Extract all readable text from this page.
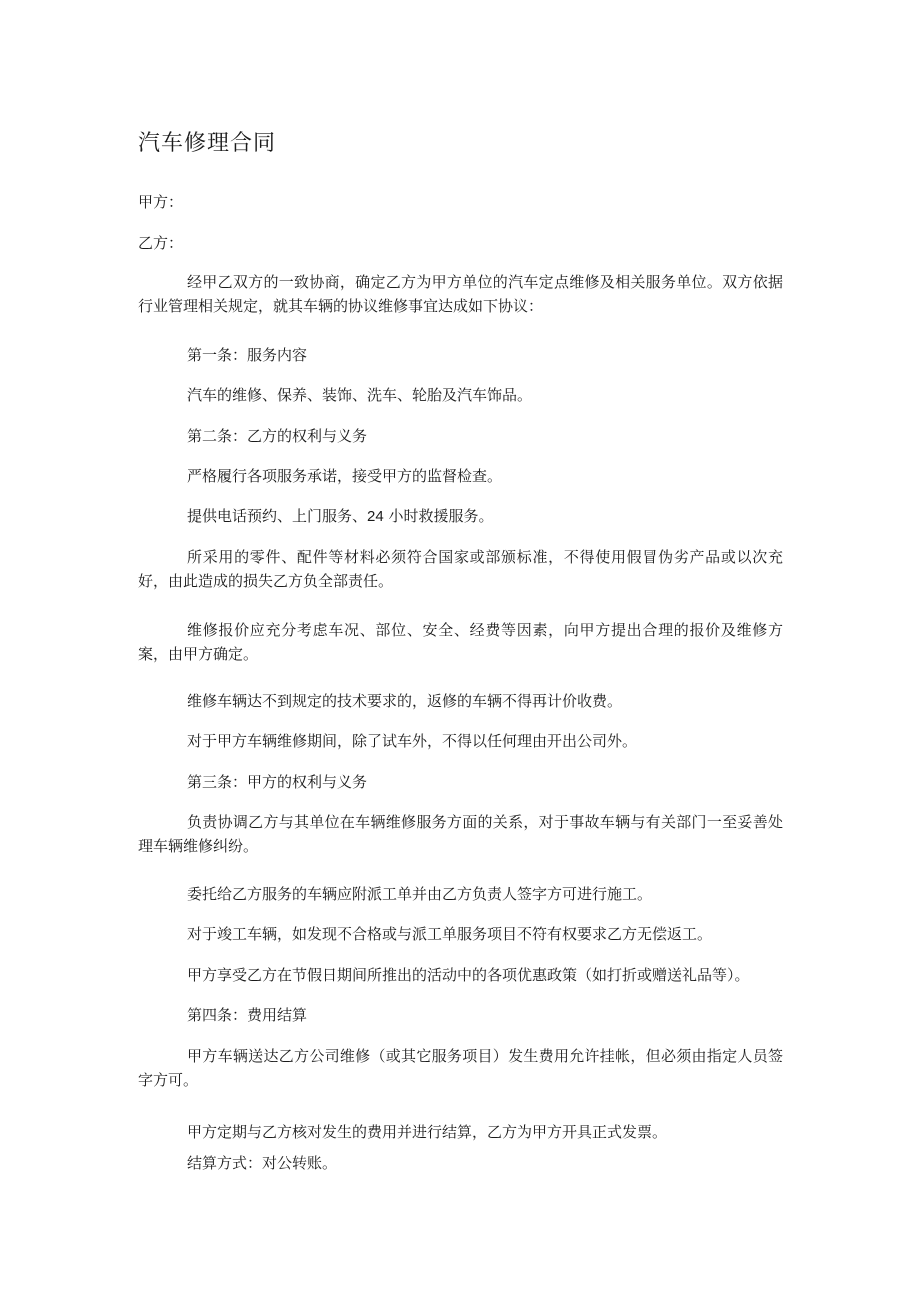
汽车修理合同

甲方：

乙方：

经甲乙双方的一致协商，确定乙方为甲方单位的汽车定点维修及相关服务单位。双方依据行业管理相关规定，就其车辆的协议维修事宜达成如下协议：

第一条：服务内容

汽车的维修、保养、装饰、洗车、轮胎及汽车饰品。

第二条：乙方的权利与义务

严格履行各项服务承诺，接受甲方的监督检查。

提供电话预约、上门服务、24 小时救援服务。

所采用的零件、配件等材料必须符合国家或部颁标准，不得使用假冒伪劣产品或以次充好，由此造成的损失乙方负全部责任。

维修报价应充分考虑车况、部位、安全、经费等因素，向甲方提出合理的报价及维修方案，由甲方确定。

维修车辆达不到规定的技术要求的，返修的车辆不得再计价收费。

对于甲方车辆维修期间，除了试车外，不得以任何理由开出公司外。

第三条：甲方的权利与义务

负责协调乙方与其单位在车辆维修服务方面的关系，对于事故车辆与有关部门一至妥善处理车辆维修纠纷。

委托给乙方服务的车辆应附派工单并由乙方负责人签字方可进行施工。

对于竣工车辆，如发现不合格或与派工单服务项目不符有权要求乙方无偿返工。

甲方享受乙方在节假日期间所推出的活动中的各项优惠政策（如打折或赠送礼品等）。

第四条：费用结算

甲方车辆送达乙方公司维修（或其它服务项目）发生费用允许挂帐，但必须由指定人员签字方可。

甲方定期与乙方核对发生的费用并进行结算，乙方为甲方开具正式发票。

结算方式：对公转账。
